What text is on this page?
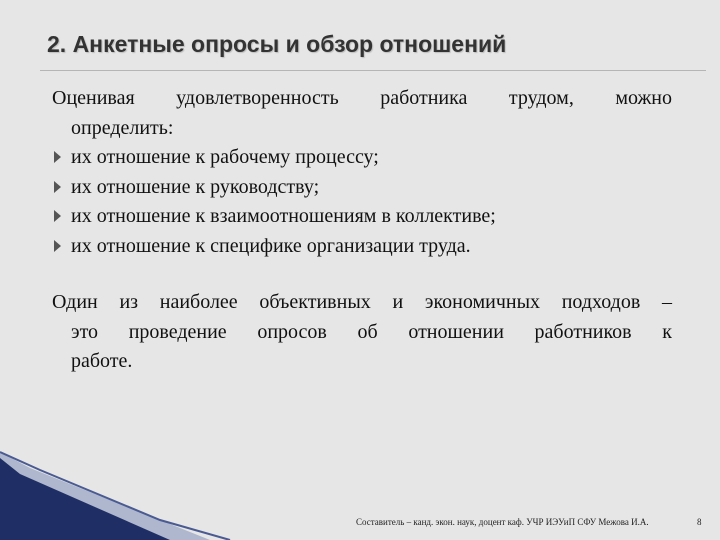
2. Анкетные опросы и обзор отношений

Оценивая удовлетворенность работника трудом, можно
определить:

их отношение к рабочему процессу;
их отношение к руководству;
их отношение к взаимоотношениям в коллективе;
их отношение к специфике организации труда.

Один из наиболее объективных и экономичных подходов –
это проведение опросов об отношении работников к
работе.

Составитель – канд. экон. наук, доцент каф. УЧР ИЭУиП СФУ Межова И.А.	8
